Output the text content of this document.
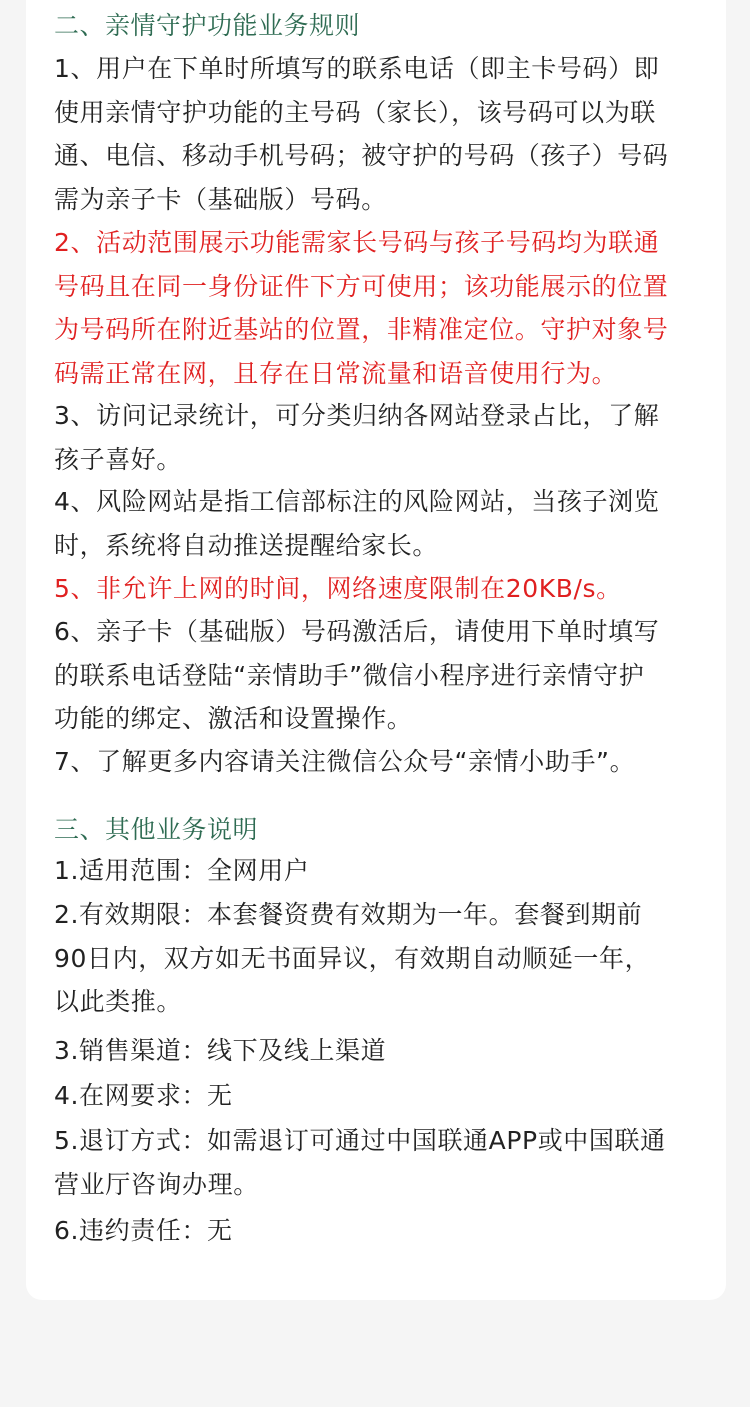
二、亲情守护功能业务规则

1、用户在下单时所填写的联系电话（即主卡号码）即
使用亲情守护功能的主号码（家长），该号码可以为联
通、电信、移动手机号码；被守护的号码（孩子）号码
需为亲子卡（基础版）号码。

2、活动范围展示功能需家长号码与孩子号码均为联通
号码且在同一身份证件下方可使用；该功能展示的位置
为号码所在附近基站的位置，非精准定位。守护对象号
码需正常在网，且存在日常流量和语音使用行为。

3、访问记录统计，可分类归纳各网站登录占比，了解
孩子喜好。

4、风险网站是指工信部标注的风险网站，当孩子浏览
时，系统将自动推送提醒给家长。

5、非允许上网的时间，网络速度限制在20KB/s。

6、亲子卡（基础版）号码激活后，请使用下单时填写
的联系电话登陆“亲情助手”微信小程序进行亲情守护
功能的绑定、激活和设置操作。

7、了解更多内容请关注微信公众号“亲情小助手”。

三、其他业务说明

1.适用范围：全网用户

2.有效期限：本套餐资费有效期为一年。套餐到期前
90日内，双方如无书面异议，有效期自动顺延一年，
以此类推。

3.销售渠道：线下及线上渠道

4.在网要求：无

5.退订方式：如需退订可通过中国联通APP或中国联通
营业厅咨询办理。

6.违约责任：无
